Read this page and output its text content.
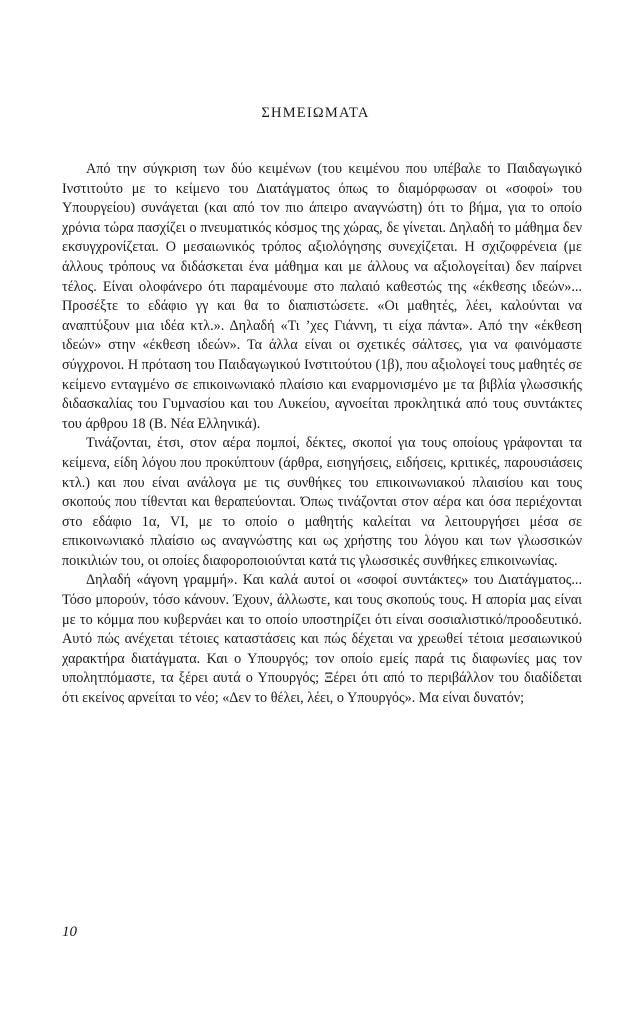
ΣΗΜΕΙΩΜΑΤΑ

Από την σύγκριση των δύο κειμένων (του κειμένου που υπέβαλε το Παιδαγωγικό Ινστιτούτο με το κείμενο του Διατάγματος όπως το διαμόρφωσαν οι «σοφοί» του Υπουργείου) συνάγεται (και από τον πιο άπειρο αναγνώστη) ότι το βήμα, για το οποίο χρόνια τώρα πασχίζει ο πνευματικός κόσμος της χώρας, δε γίνεται. Δηλαδή το μάθημα δεν εκσυγχρονίζεται. Ο μεσαιωνικός τρόπος αξιολόγησης συνεχίζεται. Η σχιζοφρένεια (με άλλους τρόπους να διδάσκεται ένα μάθημα και με άλλους να αξιολογείται) δεν παίρνει τέλος. Είναι ολοφάνερο ότι παραμένουμε στο παλαιό καθεστώς της «έκθεσης ιδεών»... Προσέξτε το εδάφιο γγ και θα το διαπιστώσετε. «Οι μαθητές, λέει, καλούνται να αναπτύξουν μια ιδέα κτλ.». Δηλαδή «Τι ’χες Γιάννη, τι είχα πάντα». Από την «έκθεση ιδεών» στην «έκθεση ιδεών». Τα άλλα είναι οι σχετικές σάλτσες, για να φαινόμαστε σύγχρονοι. Η πρόταση του Παιδαγωγικού Ινστιτούτου (1β), που αξιολογεί τους μαθητές σε κείμενο ενταγμένο σε επικοινωνιακό πλαίσιο και εναρμονισμένο με τα βιβλία γλωσσικής διδασκαλίας του Γυμνασίου και του Λυκείου, αγνοείται προκλητικά από τους συντάκτες του άρθρου 18 (Β. Νέα Ελληνικά).

Τινάζονται, έτσι, στον αέρα πομποί, δέκτες, σκοποί για τους οποίους γράφονται τα κείμενα, είδη λόγου που προκύπτουν (άρθρα, εισηγήσεις, ειδήσεις, κριτικές, παρουσιάσεις κτλ.) και που είναι ανάλογα με τις συνθήκες του επικοινωνιακού πλαισίου και τους σκοπούς που τίθενται και θεραπεύονται. Όπως τινάζονται στον αέρα και όσα περιέχονται στο εδάφιο 1α, VI, με το οποίο ο μαθητής καλείται να λειτουργήσει μέσα σε επικοινωνιακό πλαίσιο ως αναγνώστης και ως χρήστης του λόγου και των γλωσσικών ποικιλιών του, οι οποίες διαφοροποιούνται κατά τις γλωσσικές συνθήκες επικοινωνίας.

Δηλαδή «άγονη γραμμή». Και καλά αυτοί οι «σοφοί συντάκτες» του Διατάγματος... Τόσο μπορούν, τόσο κάνουν. Έχουν, άλλωστε, και τους σκοπούς τους. Η απορία μας είναι με το κόμμα που κυβερνάει και το οποίο υποστηρίζει ότι είναι σοσιαλιστικό/προοδευτικό. Αυτό πώς ανέχεται τέτοιες καταστάσεις και πώς δέχεται να χρεωθεί τέτοια μεσαιωνικού χαρακτήρα διατάγματα. Και ο Υπουργός; τον οποίο εμείς παρά τις διαφωνίες μας τον υπολητπόμαστε, τα ξέρει αυτά ο Υπουργός; Ξέρει ότι από το περιβάλλον του διαδίδεται ότι εκείνος αρνείται το νέο; «Δεν το θέλει, λέει, ο Υπουργός». Μα είναι δυνατόν;

10
